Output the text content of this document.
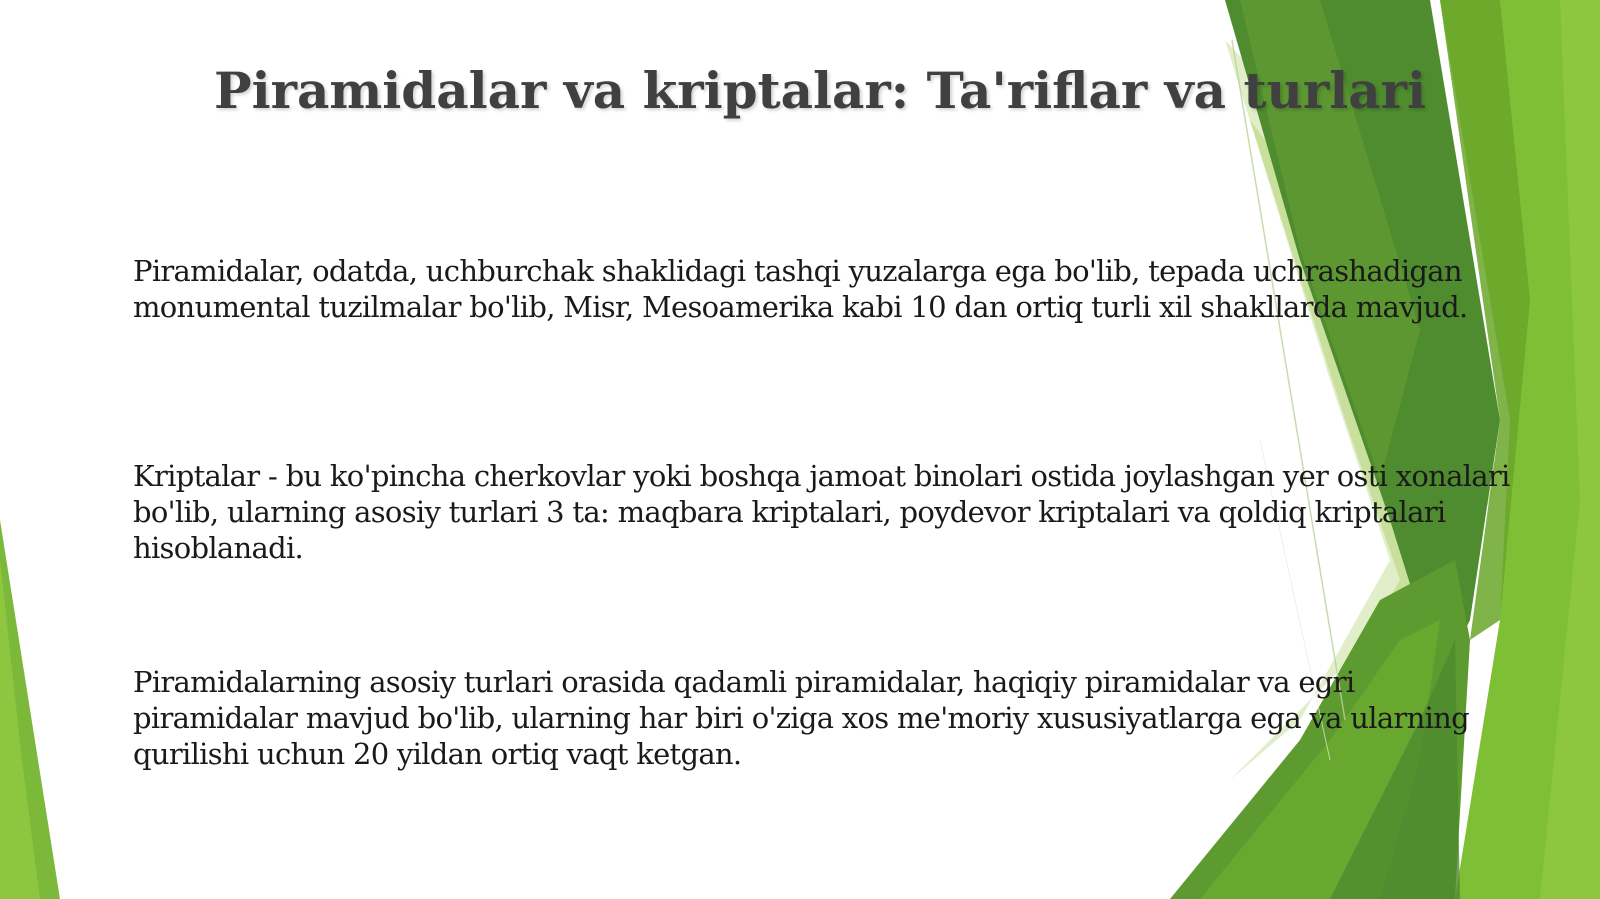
Piramidalar va kriptalar: Ta'riflar va turlari

Piramidalar, odatda, uchburchak shaklidagi tashqi yuzalarga ega bo'lib, tepada uchrashadigan monumental tuzilmalar bo'lib, Misr, Mesoamerika kabi 10 dan ortiq turli xil shakllarda mavjud.

Kriptalar - bu ko'pincha cherkovlar yoki boshqa jamoat binolari ostida joylashgan yer osti xonalari bo'lib, ularning asosiy turlari 3 ta: maqbara kriptalari, poydevor kriptalari va qoldiq kriptalari hisoblanadi.

Piramidalarning asosiy turlari orasida qadamli piramidalar, haqiqiy piramidalar va egri piramidalar mavjud bo'lib, ularning har biri o'ziga xos me'moriy xususiyatlarga ega va ularning qurilishi uchun 20 yildan ortiq vaqt ketgan.
